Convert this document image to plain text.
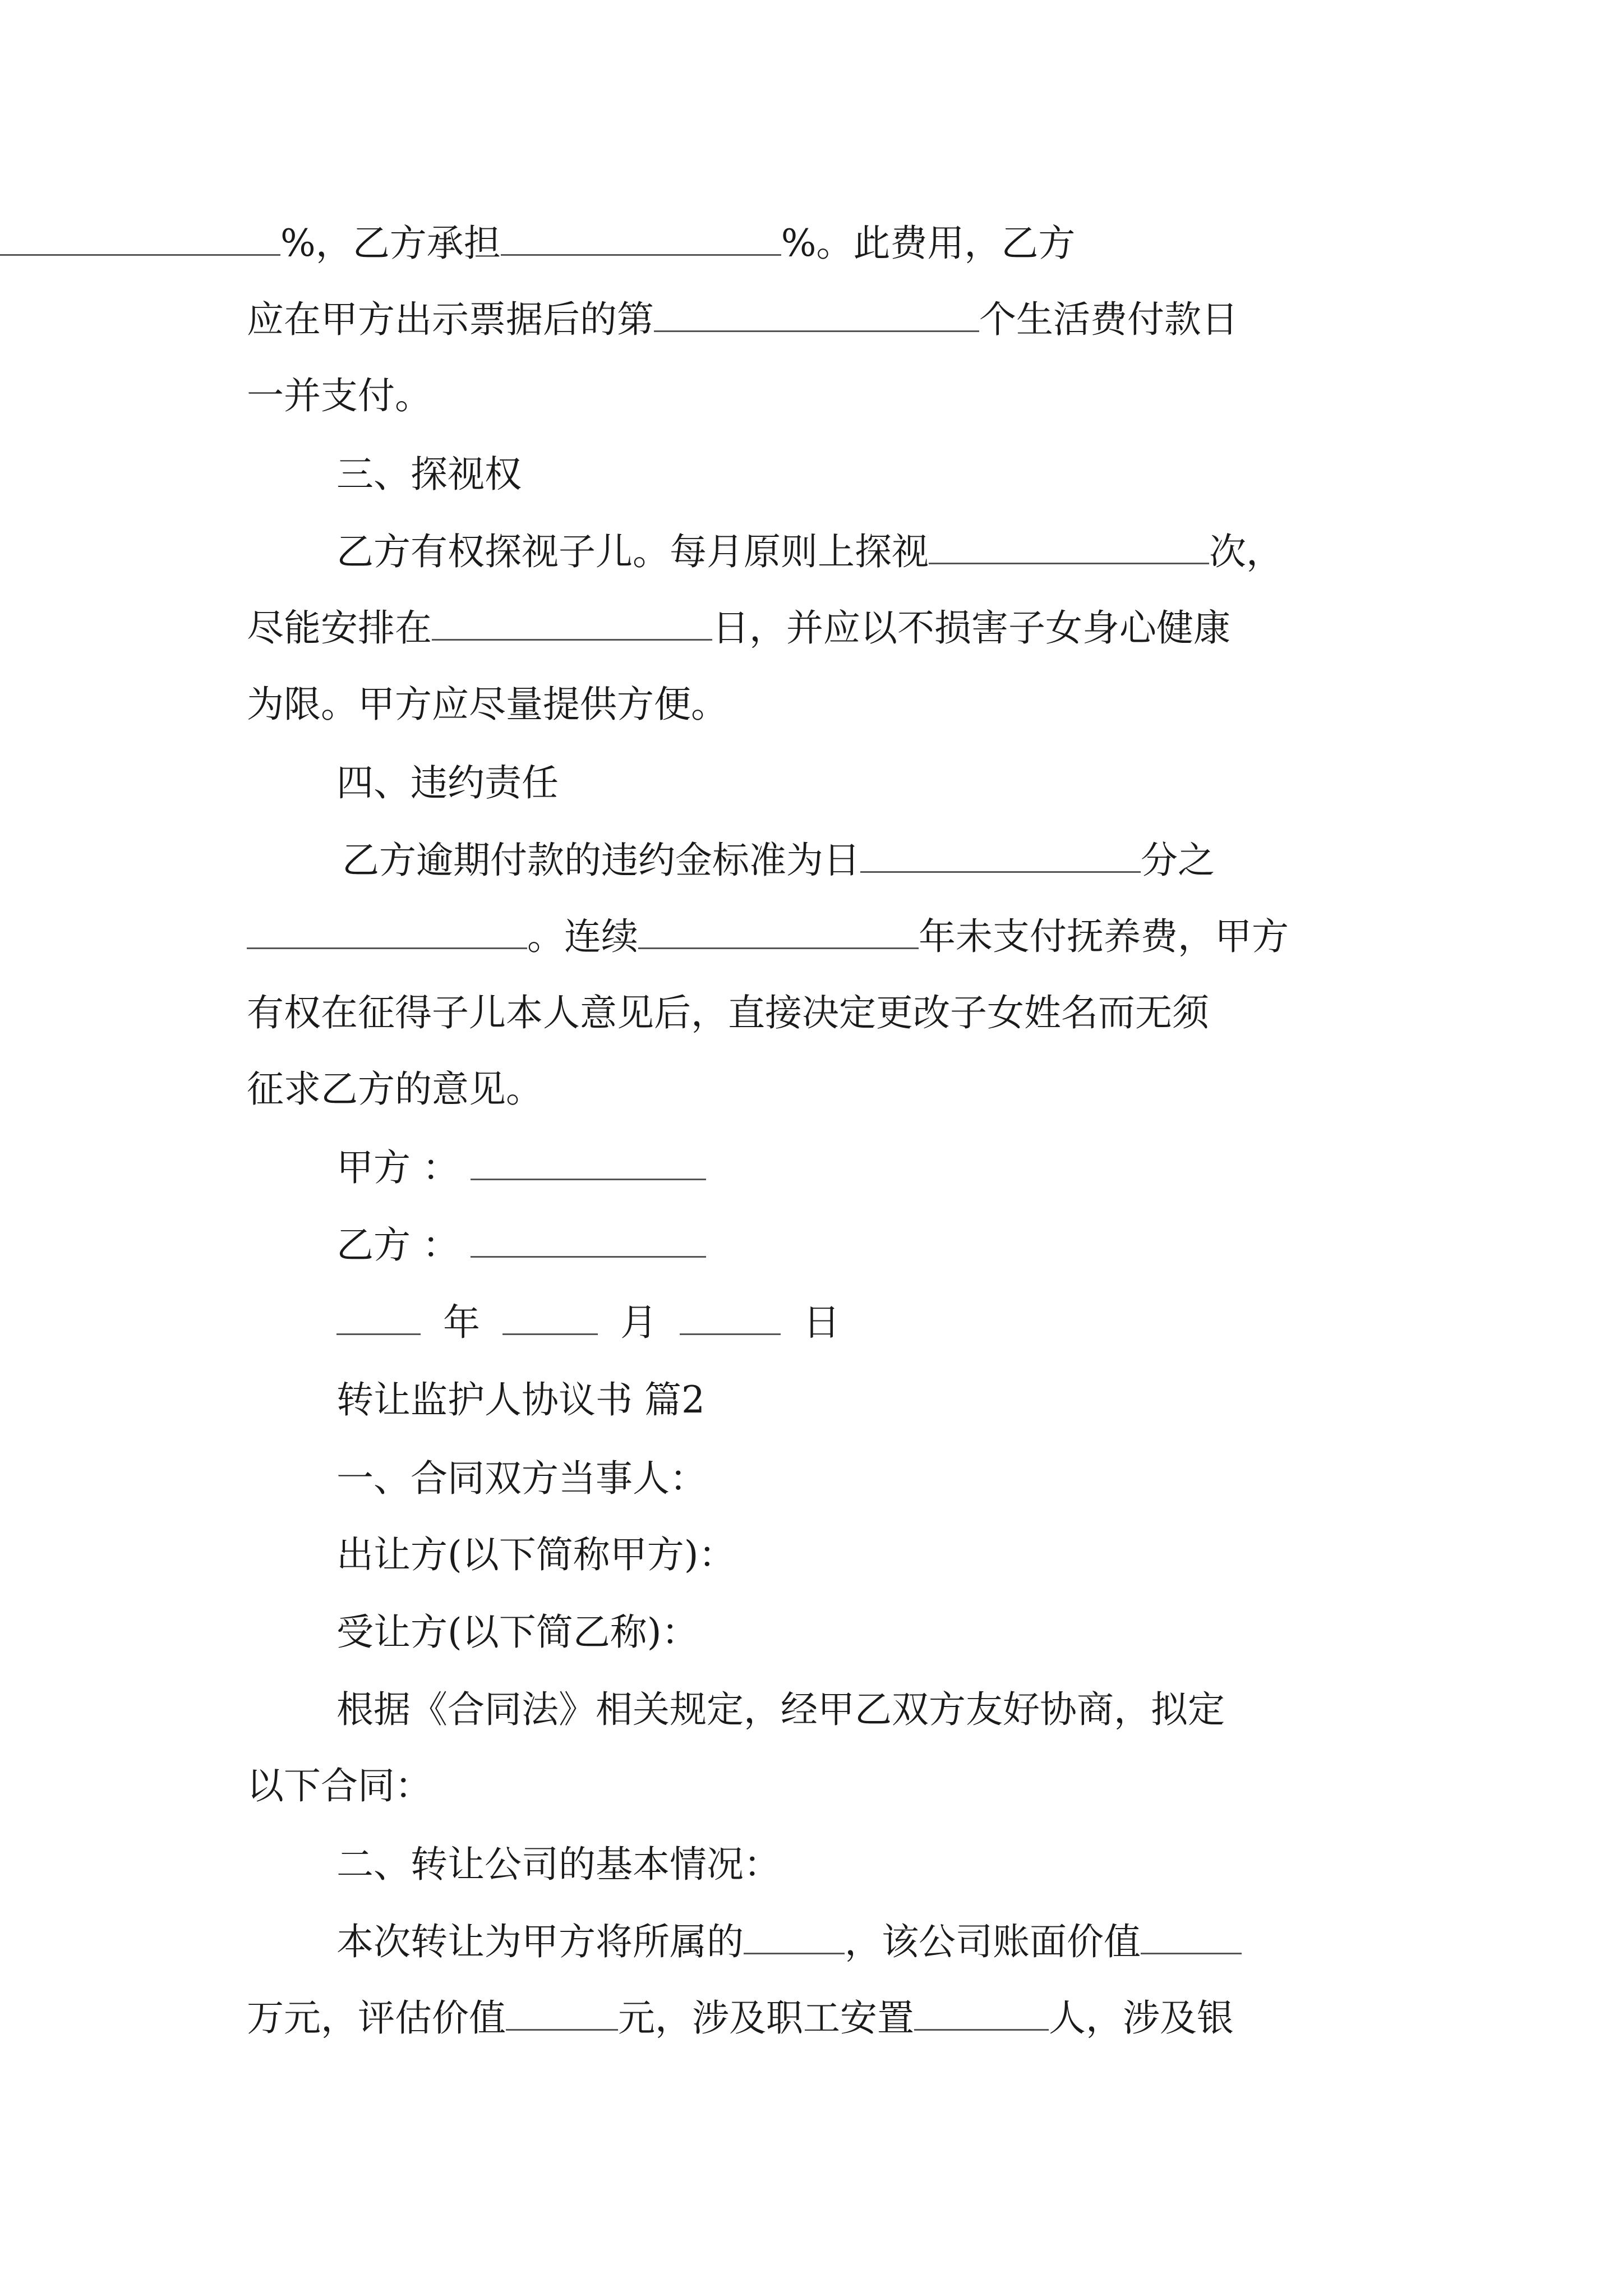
%，乙方承担	%。此费用，乙方
应在甲方出示票据后的第	个生活费付款日
一并支付。
三、探视权
乙方有权探视子儿。每月原则上探视	次，
尽能安排在	日，并应以不损害子女身心健康
为限。甲方应尽量提供方便。
四、违约责任
乙方逾期付款的违约金标准为日	分之
。连续	年未支付抚养费，甲方
有权在征得子儿本人意见后，直接决定更改子女姓名而无须
征求乙方的意见。
甲方 ：
乙方 ：
年	月	日
转让监护人协议书 篇2
一、合同双方当事人：
出让方(以下简称甲方)：
受让方(以下简乙称)：
根据《合同法》相关规定，经甲乙双方友好协商，拟定
以下合同：
二、转让公司的基本情况：
本次转让为甲方将所属的	，该公司账面价值
万元，评估价值	元，涉及职工安置	人，涉及银
